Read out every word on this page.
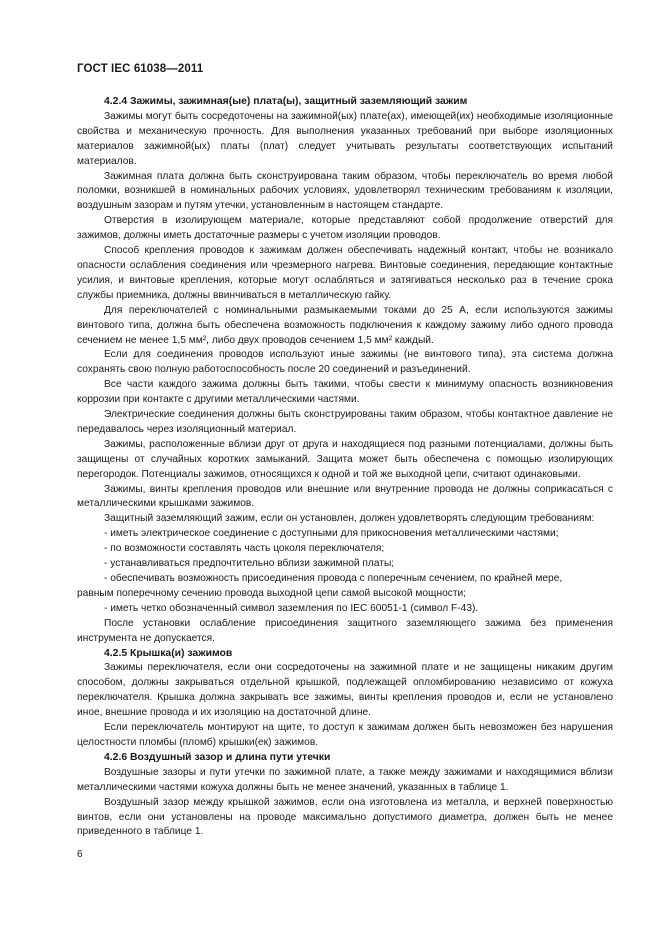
ГОСТ IEC 61038—2011
4.2.4 Зажимы, зажимная(ые) плата(ы), защитный заземляющий зажим

Зажимы могут быть сосредоточены на зажимной(ых) плате(ах), имеющей(их) необходимые изоляционные свойства и механическую прочность. Для выполнения указанных требований при выборе изоляционных материалов зажимной(ых) платы (плат) следует учитывать результаты соответствующих испытаний материалов.

Зажимная плата должна быть сконструирована таким образом, чтобы переключатель во время любой поломки, возникшей в номинальных рабочих условиях, удовлетворял техническим требованиям к изоляции, воздушным зазорам и путям утечки, установленным в настоящем стандарте.

Отверстия в изолирующем материале, которые представляют собой продолжение отверстий для зажимов, должны иметь достаточные размеры с учетом изоляции проводов.

Способ крепления проводов к зажимам должен обеспечивать надежный контакт, чтобы не возникало опасности ослабления соединения или чрезмерного нагрева. Винтовые соединения, передающие контактные усилия, и винтовые крепления, которые могут ослабляться и затягиваться несколько раз в течение срока службы приемника, должны ввинчиваться в металлическую гайку.

Для переключателей с номинальными размыкаемыми токами до 25 А, если используются зажимы винтового типа, должна быть обеспечена возможность подключения к каждому зажиму либо одного провода сечением не менее 1,5 мм², либо двух проводов сечением 1,5 мм² каждый.

Если для соединения проводов используют иные зажимы (не винтового типа), эта система должна сохранять свою полную работоспособность после 20 соединений и разъединений.

Все части каждого зажима должны быть такими, чтобы свести к минимуму опасность возникновения коррозии при контакте с другими металлическими частями.

Электрические соединения должны быть сконструированы таким образом, чтобы контактное давление не передавалось через изоляционный материал.

Зажимы, расположенные вблизи друг от друга и находящиеся под разными потенциалами, должны быть защищены от случайных коротких замыканий. Защита может быть обеспечена с помощью изолирующих перегородок. Потенциалы зажимов, относящихся к одной и той же выходной цепи, считают одинаковыми.

Зажимы, винты крепления проводов или внешние или внутренние провода не должны соприкасаться с металлическими крышками зажимов.

Защитный заземляющий зажим, если он установлен, должен удовлетворять следующим требованиям:

- иметь электрическое соединение с доступными для прикосновения металлическими частями;

- по возможности составлять часть цоколя переключателя;

- устанавливаться предпочтительно вблизи зажимной платы;

- обеспечивать возможность присоединения провода с поперечным сечением, по крайней мере,

равным поперечному сечению провода выходной цепи самой высокой мощности;

- иметь четко обозначенный символ заземления по IEC 60051-1 (символ F-43).

После установки ослабление присоединения защитного заземляющего зажима без применения инструмента не допускается.

4.2.5 Крышка(и) зажимов

Зажимы переключателя, если они сосредоточены на зажимной плате и не защищены никаким другим способом, должны закрываться отдельной крышкой, подлежащей опломбированию независимо от кожуха переключателя. Крышка должна закрывать все зажимы, винты крепления проводов и, если не установлено иное, внешние провода и их изоляцию на достаточной длине.

Если переключатель монтируют на щите, то доступ к зажимам должен быть невозможен без нарушения целостности пломбы (пломб) крышки(ек) зажимов.

4.2.6 Воздушный зазор и длина пути утечки

Воздушные зазоры и пути утечки по зажимной плате, а также между зажимами и находящимися вблизи металлическими частями кожуха должны быть не менее значений, указанных в таблице 1.

Воздушный зазор между крышкой зажимов, если она изготовлена из металла, и верхней поверхностью винтов, если они установлены на проводе максимально допустимого диаметра, должен быть не менее приведенного в таблице 1.

6
